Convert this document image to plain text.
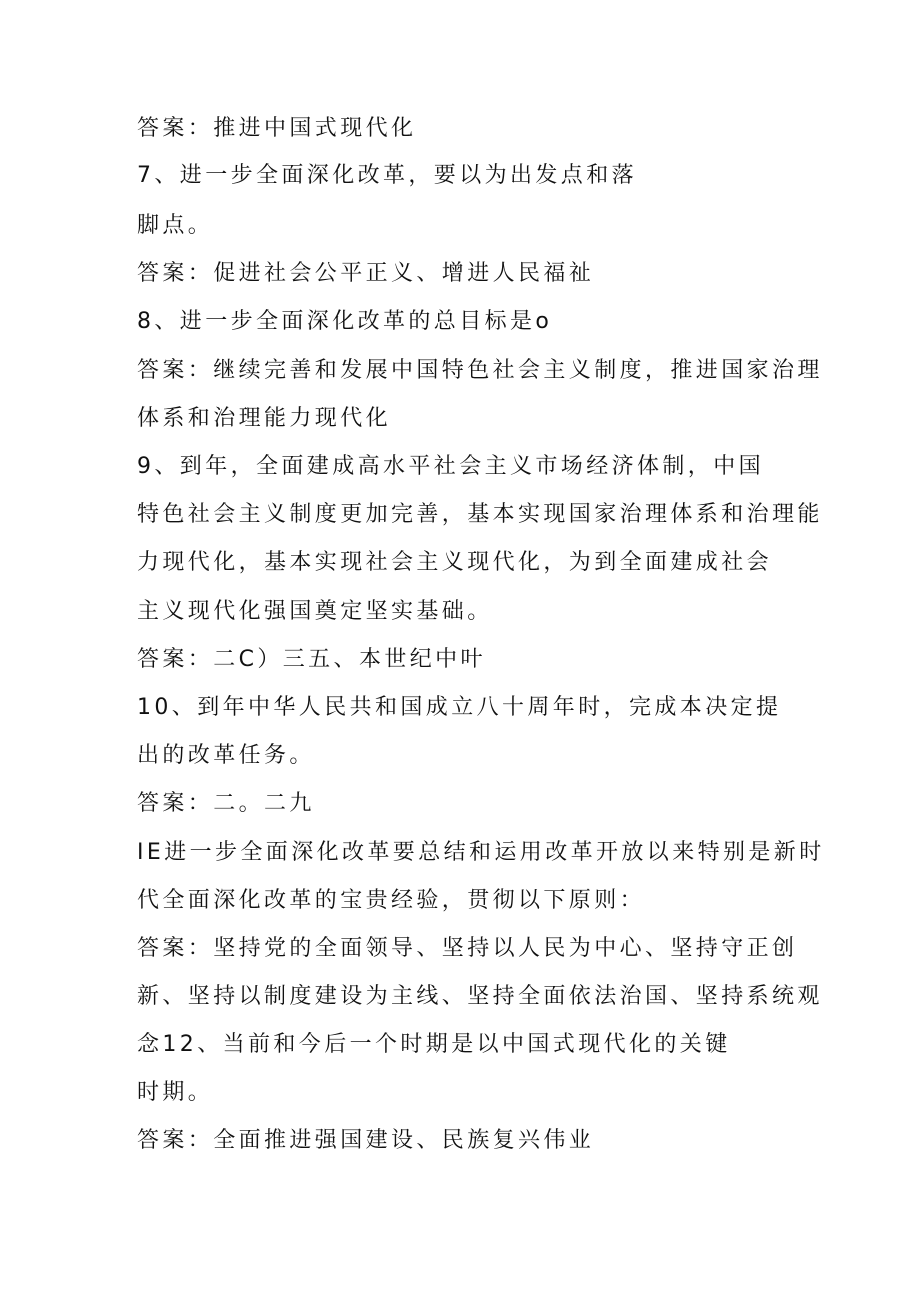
答案：推进中国式现代化
7、进一步全面深化改革，要以为出发点和落
脚点。
答案：促进社会公平正义、增进人民福祉
8、进一步全面深化改革的总目标是o
答案：继续完善和发展中国特色社会主义制度，推进国家治理
体系和治理能力现代化
9、到年，全面建成高水平社会主义市场经济体制，中国
特色社会主义制度更加完善，基本实现国家治理体系和治理能
力现代化，基本实现社会主义现代化，为到全面建成社会
主义现代化强国奠定坚实基础。
答案：二C）三五、本世纪中叶
10、到年中华人民共和国成立八十周年时，完成本决定提
出的改革任务。
答案：二。二九
IE进一步全面深化改革要总结和运用改革开放以来特别是新时
代全面深化改革的宝贵经验，贯彻以下原则：
答案：坚持党的全面领导、坚持以人民为中心、坚持守正创
新、坚持以制度建设为主线、坚持全面依法治国、坚持系统观
念12、当前和今后一个时期是以中国式现代化的关键
时期。
答案：全面推进强国建设、民族复兴伟业
